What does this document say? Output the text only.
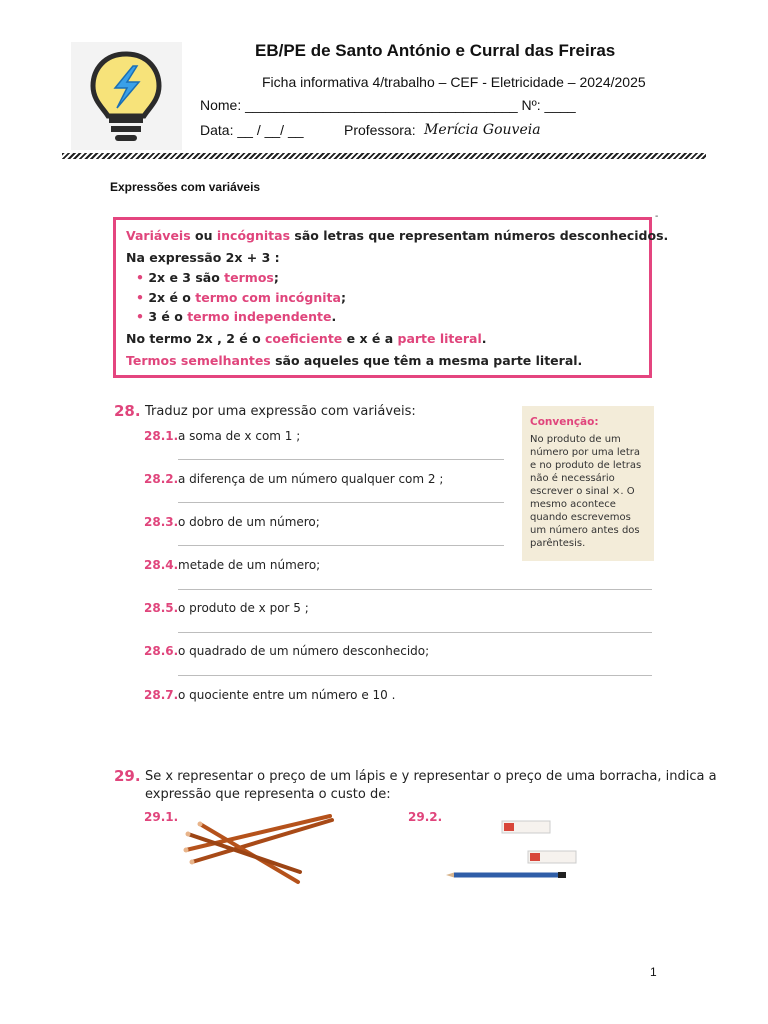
EB/PE de Santo António e Curral das Freiras
Ficha informativa 4/trabalho – CEF - Eletricidade – 2024/2025
Nome: ___________________________________ Nº: ____
Data: __ / __/ __	Professora: Merícia Gouveia
Expressões com variáveis
-
Variáveis ou incógnitas são letras que representam números desconhecidos.
Na expressão 2x + 3 :
• 2x e 3 são termos;
• 2x é o termo com incógnita;
• 3 é o termo independente.
No termo 2x , 2 é o coeficiente e x é a parte literal.
Termos semelhantes são aqueles que têm a mesma parte literal.
28. Traduz por uma expressão com variáveis:
28.1. a soma de x com 1 ;
28.2. a diferença de um número qualquer com 2 ;
28.3. o dobro de um número;
28.4. metade de um número;
28.5. o produto de x por 5 ;
28.6. o quadrado de um número desconhecido;
28.7. o quociente entre um número e 10 .
Convenção:
No produto de um número por uma letra e no produto de letras não é necessário escrever o sinal ×. O mesmo acontece quando escrevemos um número antes dos parêntesis.
29. Se x representar o preço de um lápis e y representar o preço de uma borracha, indica a
expressão que representa o custo de:
29.1.	29.2.
1
